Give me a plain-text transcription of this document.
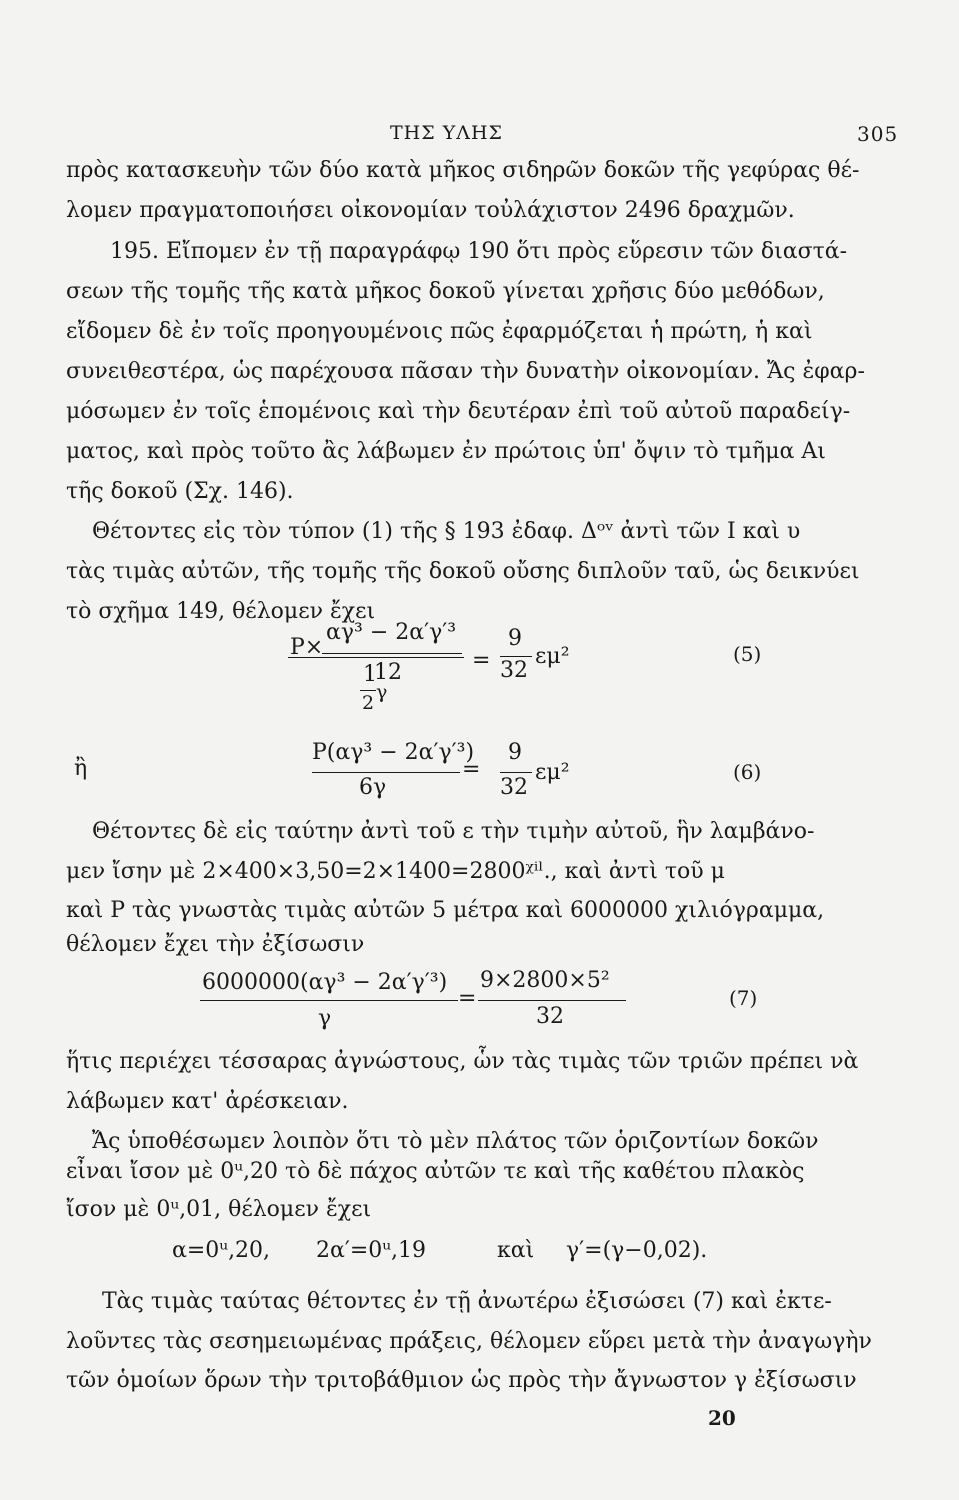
ΤΗΣ ΥΛΗΣ	305
πρὸς κατασκευὴν τῶν δύο κατὰ μῆκος σιδηρῶν δοκῶν τῆς γεφύρας θέ-
λομεν πραγματοποιήσει οἰκονομίαν τοὐλάχιστον 2496 δραχμῶν.
195. Εἴπομεν ἐν τῇ παραγράφῳ 190 ὅτι πρὸς εὕρεσιν τῶν διαστά-
σεων τῆς τομῆς τῆς κατὰ μῆκος δοκοῦ γίνεται χρῆσις δύο μεθόδων,
εἴδομεν δὲ ἐν τοῖς προηγουμένοις πῶς ἐφαρμόζεται ἡ πρώτη, ἡ καὶ
συνειθεστέρα, ὡς παρέχουσα πᾶσαν τὴν δυνατὴν οἰκονομίαν. Ἄς ἐφαρ-
μόσωμεν ἐν τοῖς ἑπομένοις καὶ τὴν δευτέραν ἐπὶ τοῦ αὐτοῦ παραδείγ-
ματος, καὶ πρὸς τοῦτο ἂς λάβωμεν ἐν πρώτοις ὑπ' ὄψιν τὸ τμῆμα Αι
τῆς δοκοῦ (Σχ. 146).
Θέτοντες εἰς τὸν τύπον (1) τῆς § 193 ἐδαφ. Δᵒᵛ ἀντὶ τῶν I καὶ υ
τὰς τιμὰς αὐτῶν, τῆς τομῆς τῆς δοκοῦ οὔσης διπλοῦν ταῦ, ὡς δεικνύει
τὸ σχῆμα 149, θέλομεν ἔχει
αγ³ − 2α′γ′³
P×
12	=
9
32
εμ²
1
2 γ
(5)
ἢ
P(αγ³ − 2α′γ′³)
6γ
=
9
32
εμ²	(6)
Θέτοντες δὲ εἰς ταύτην ἀντὶ τοῦ ε τὴν τιμὴν αὐτοῦ, ἣν λαμβάνο-
μεν ἴσην μὲ 2×400×3,50=2×1400=2800ᵡⁱˡ., καὶ ἀντὶ τοῦ μ
καὶ P τὰς γνωστὰς τιμὰς αὐτῶν 5 μέτρα καὶ 6000000 χιλιόγραμμα,
θέλομεν ἔχει τὴν ἐξίσωσιν
6000000(αγ³ − 2α′γ′³)
γ
=
9×2800×5²
32
(7)
ἥτις περιέχει τέσσαρας ἀγνώστους, ὧν τὰς τιμὰς τῶν τριῶν πρέπει νὰ
λάβωμεν κατ' ἀρέσκειαν.
Ἄς ὑποθέσωμεν λοιπὸν ὅτι τὸ μὲν πλάτος τῶν ὁριζοντίων δοκῶν
εἶναι ἴσον μὲ 0ᵘ,20 τὸ δὲ πάχος αὐτῶν τε καὶ τῆς καθέτου πλακὸς
ἴσον μὲ 0ᵘ,01, θέλομεν ἔχει
α=0ᵘ,20, 2α′=0ᵘ,19	καὶ γ′=(γ−0,02).
Τὰς τιμὰς ταύτας θέτοντες ἐν τῇ ἀνωτέρω ἐξισώσει (7) καὶ ἐκτε-
λοῦντες τὰς σεσημειωμένας πράξεις, θέλομεν εὕρει μετὰ τὴν ἀναγωγὴν
τῶν ὁμοίων ὅρων τὴν τριτοβάθμιον ὡς πρὸς τὴν ἄγνωστον γ ἐξίσωσιν
20
